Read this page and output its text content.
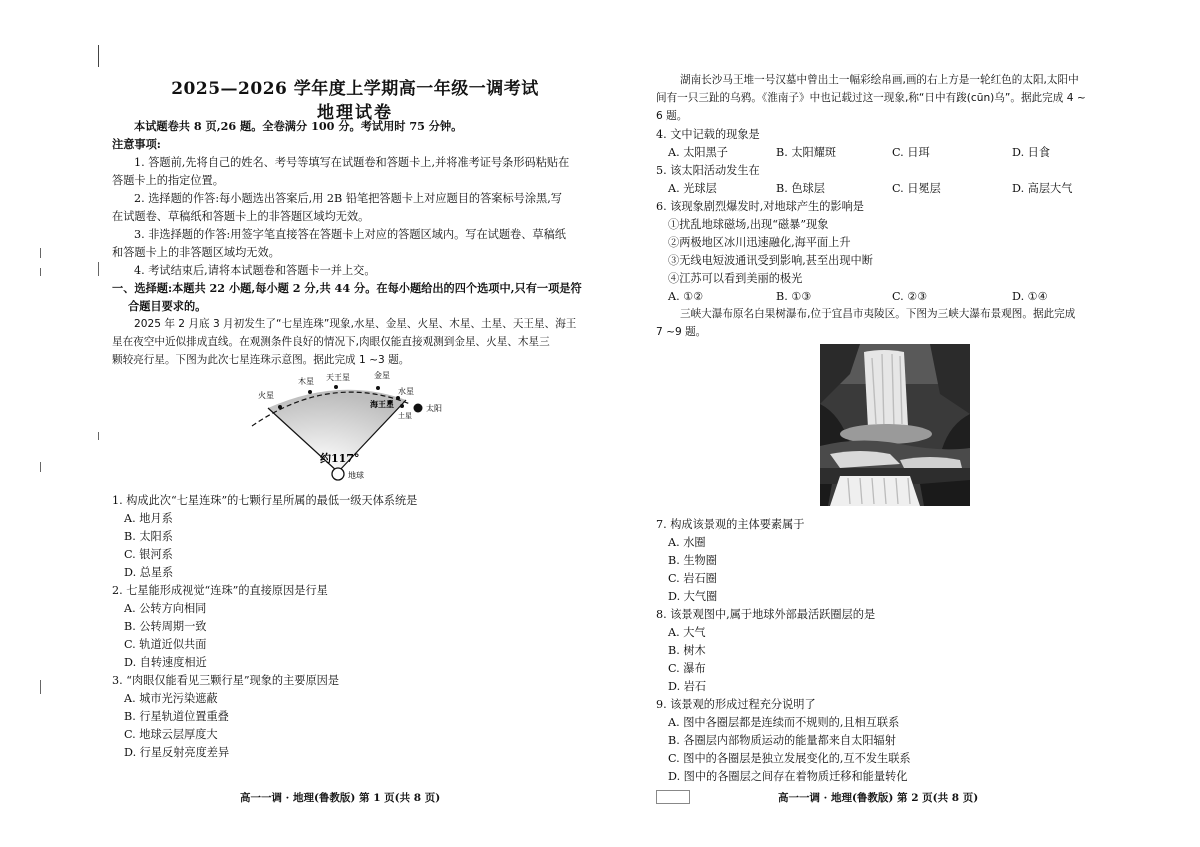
2025—2026 学年度上学期高一年级一调考试
地理试卷
本试题卷共 8 页,26 题。全卷满分 100 分。考试用时 75 分钟。
注意事项:
1. 答题前,先将自己的姓名、考号等填写在试题卷和答题卡上,并将准考证号条形码粘贴在
答题卡上的指定位置。
2. 选择题的作答:每小题选出答案后,用 2B 铅笔把答题卡上对应题目的答案标号涂黑,写
在试题卷、草稿纸和答题卡上的非答题区域均无效。
3. 非选择题的作答:用签字笔直接答在答题卡上对应的答题区域内。写在试题卷、草稿纸
和答题卡上的非答题区域均无效。
4. 考试结束后,请将本试题卷和答题卡一并上交。
一、选择题:本题共 22 小题,每小题 2 分,共 44 分。在每小题给出的四个选项中,只有一项是符
合题目要求的。
2025 年 2 月底 3 月初发生了“七星连珠”现象,水星、金星、火星、木星、土星、天王星、海王
星在夜空中近似排成直线。在观测条件良好的情况下,肉眼仅能直接观测到金星、火星、木星三
颗较亮行星。下图为此次七星连珠示意图。据此完成 1 ~3 题。
火星
木星 天王星	金星
水星
海王星
土星
太阳
地球
约117°
1. 构成此次“七星连珠”的七颗行星所属的最低一级天体系统是
A. 地月系
B. 太阳系
C. 银河系
D. 总星系
2. 七星能形成视觉“连珠”的直接原因是行星
A. 公转方向相同
B. 公转周期一致
C. 轨道近似共面
D. 自转速度相近
3. “肉眼仅能看见三颗行星”现象的主要原因是
A. 城市光污染遮蔽
B. 行星轨道位置重叠
C. 地球云层厚度大
D. 行星反射亮度差异
高一一调 · 地理(鲁教版) 第 1 页(共 8 页)
湖南长沙马王堆一号汉墓中曾出土一幅彩绘帛画,画的右上方是一轮红色的太阳,太阳中
间有一只三趾的乌鸦。《淮南子》中也记载过这一现象,称“日中有踆(cūn)乌”。据此完成 4 ~
6 题。
4. 文中记载的现象是
A. 太阳黑子	B. 太阳耀斑	C. 日珥	D. 日食
5. 该太阳活动发生在
A. 光球层	B. 色球层	C. 日冕层	D. 高层大气
6. 该现象剧烈爆发时,对地球产生的影响是
①扰乱地球磁场,出现“磁暴”现象
②两极地区冰川迅速融化,海平面上升
③无线电短波通讯受到影响,甚至出现中断
④江苏可以看到美丽的极光
A. ①②	B. ①③	C. ②③	D. ①④
三峡大瀑布原名白果树瀑布,位于宜昌市夷陵区。下图为三峡大瀑布景观图。据此完成
7 ~9 题。
7. 构成该景观的主体要素属于
A. 水圈
B. 生物圈
C. 岩石圈
D. 大气圈
8. 该景观图中,属于地球外部最活跃圈层的是
A. 大气
B. 树木
C. 瀑布
D. 岩石
9. 该景观的形成过程充分说明了
A. 图中各圈层都是连续而不规则的,且相互联系
B. 各圈层内部物质运动的能量都来自太阳辐射
C. 图中的各圈层是独立发展变化的,互不发生联系
D. 图中的各圈层之间存在着物质迁移和能量转化
高一一调 · 地理(鲁教版) 第 2 页(共 8 页)
